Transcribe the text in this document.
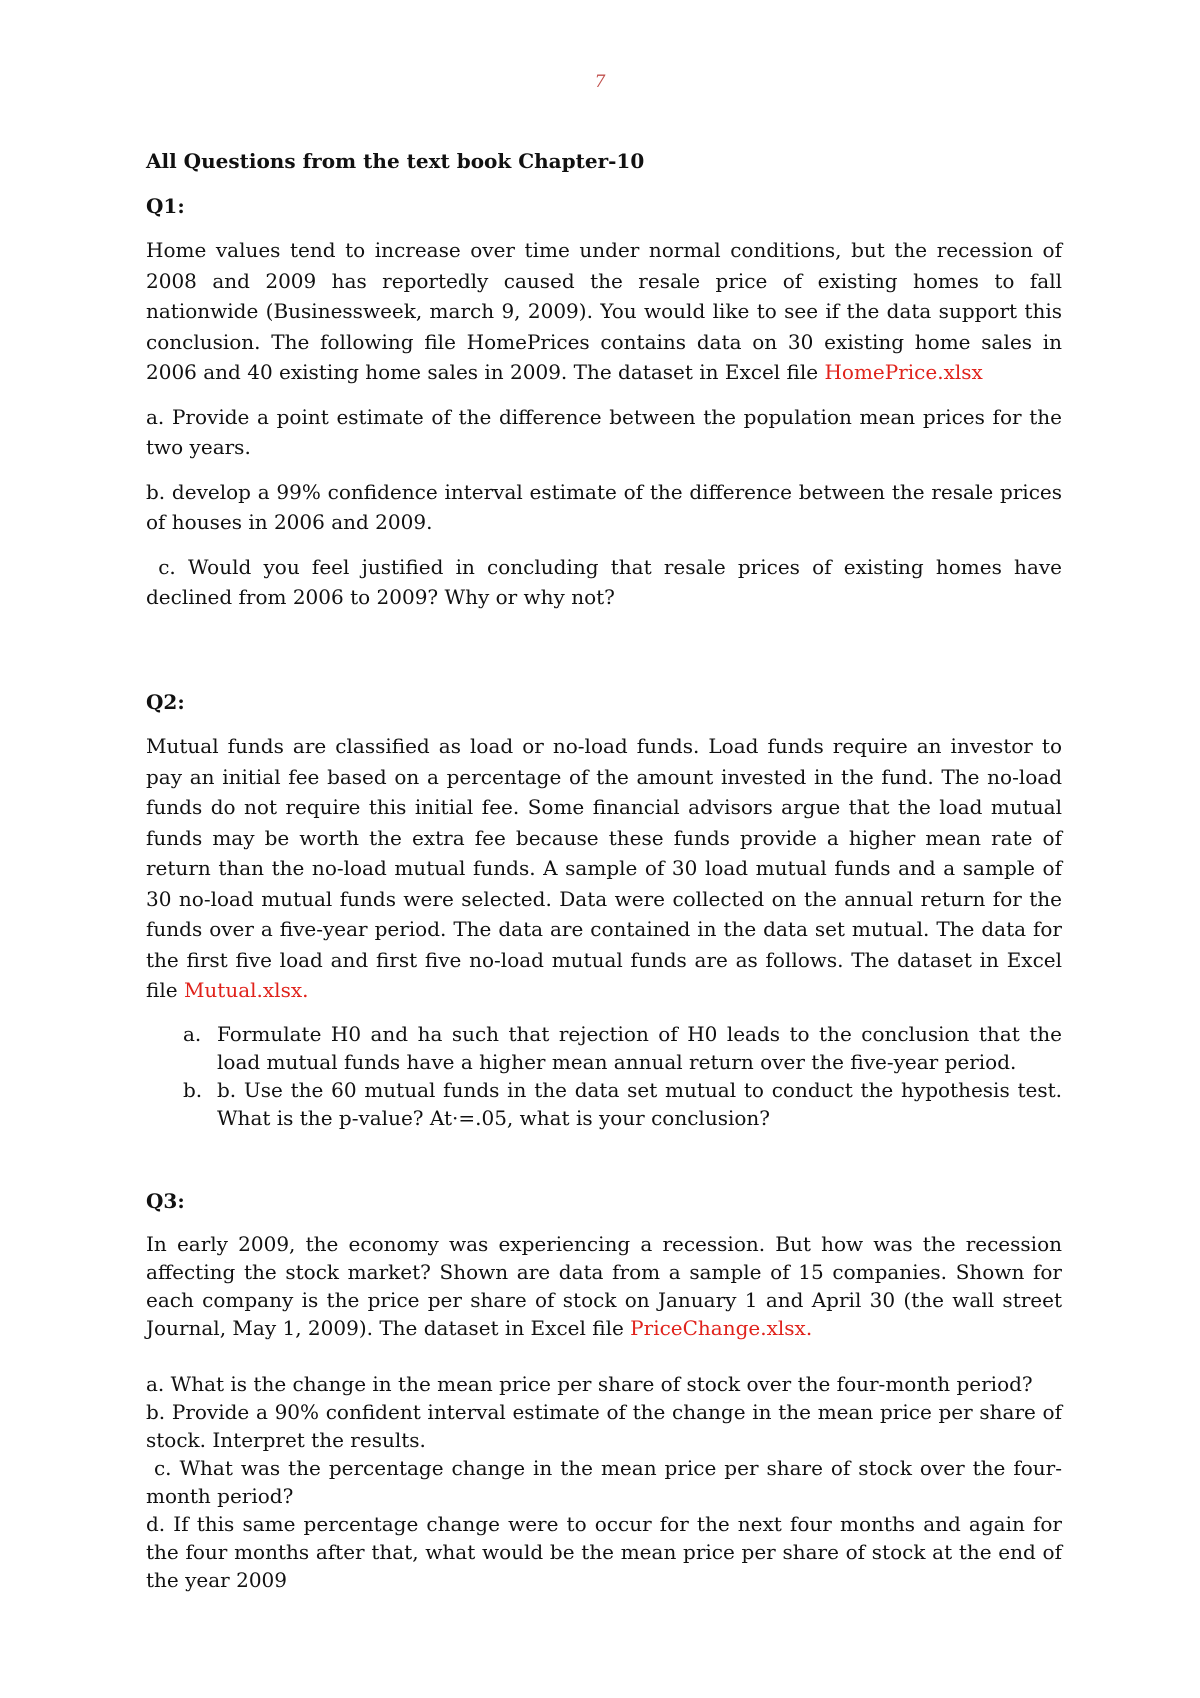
7
All Questions from the text book Chapter-10
Q1:

Home values tend to increase over time under normal conditions, but the recession of 2008 and 2009 has reportedly caused the resale price of existing homes to fall nationwide (Businessweek, march 9, 2009). You would like to see if the data support this conclusion. The following file HomePrices contains data on 30 existing home sales in 2006 and 40 existing home sales in 2009. The dataset in Excel file HomePrice.xlsx

a. Provide a point estimate of the difference between the population mean prices for the two years.

b. develop a 99% confidence interval estimate of the difference between the resale prices of houses in 2006 and 2009.

c. Would you feel justified in concluding that resale prices of existing homes have declined from 2006 to 2009? Why or why not?

Q2:

Mutual funds are classified as load or no-load funds. Load funds require an investor to pay an initial fee based on a percentage of the amount invested in the fund. The no-load funds do not require this initial fee. Some financial advisors argue that the load mutual funds may be worth the extra fee because these funds provide a higher mean rate of return than the no-load mutual funds. A sample of 30 load mutual funds and a sample of 30 no-load mutual funds were selected. Data were collected on the annual return for the funds over a five-year period. The data are contained in the data set mutual. The data for the first five load and first five no-load mutual funds are as follows. The dataset in Excel file Mutual.xlsx.

a. Formulate H0 and ha such that rejection of H0 leads to the conclusion that the load mutual funds have a higher mean annual return over the five-year period.
b. b. Use the 60 mutual funds in the data set mutual to conduct the hypothesis test. What is the p-value? At·=.05, what is your conclusion?
Q3:

In early 2009, the economy was experiencing a recession. But how was the recession affecting the stock market? Shown are data from a sample of 15 companies. Shown for each company is the price per share of stock on January 1 and April 30 (the wall street Journal, May 1, 2009). The dataset in Excel file PriceChange.xlsx.

a. What is the change in the mean price per share of stock over the four-month period?

b. Provide a 90% confident interval estimate of the change in the mean price per share of stock. Interpret the results.

c. What was the percentage change in the mean price per share of stock over the four- month period?

d. If this same percentage change were to occur for the next four months and again for the four months after that, what would be the mean price per share of stock at the end of the year 2009
